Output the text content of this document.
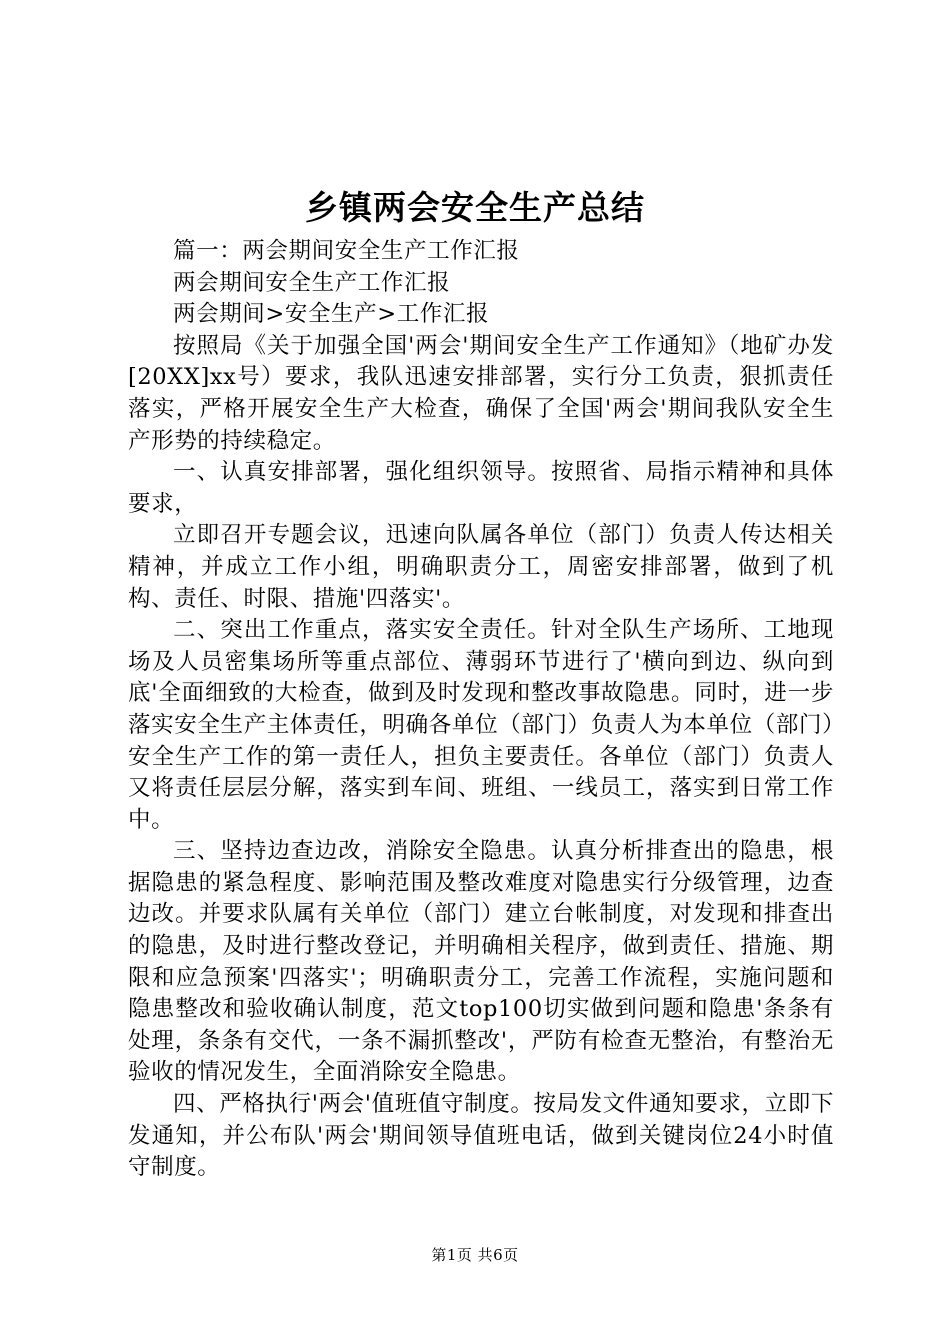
乡镇两会安全生产总结

篇一：两会期间安全生产工作汇报

两会期间安全生产工作汇报

两会期间>安全生产>工作汇报

按照局《关于加强全国'两会'期间安全生产工作通知》（地矿办发[20XX]xx号）要求，我队迅速安排部署，实行分工负责，狠抓责任落实，严格开展安全生产大检查，确保了全国'两会'期间我队安全生产形势的持续稳定。

一、认真安排部署，强化组织领导。按照省、局指示精神和具体要求，

立即召开专题会议，迅速向队属各单位（部门）负责人传达相关精神，并成立工作小组，明确职责分工，周密安排部署，做到了机构、责任、时限、措施'四落实'。

二、突出工作重点，落实安全责任。针对全队生产场所、工地现场及人员密集场所等重点部位、薄弱环节进行了'横向到边、纵向到底'全面细致的大检查，做到及时发现和整改事故隐患。同时，进一步落实安全生产主体责任，明确各单位（部门）负责人为本单位（部门）安全生产工作的第一责任人，担负主要责任。各单位（部门）负责人又将责任层层分解，落实到车间、班组、一线员工，落实到日常工作中。

三、坚持边查边改，消除安全隐患。认真分析排查出的隐患，根据隐患的紧急程度、影响范围及整改难度对隐患实行分级管理，边查边改。并要求队属有关单位（部门）建立台帐制度，对发现和排查出的隐患，及时进行整改登记，并明确相关程序，做到责任、措施、期限和应急预案'四落实'；明确职责分工，完善工作流程，实施问题和隐患整改和验收确认制度，范文top100切实做到问题和隐患'条条有处理，条条有交代，一条不漏抓整改'，严防有检查无整治，有整治无验收的情况发生，全面消除安全隐患。

四、严格执行'两会'值班值守制度。按局发文件通知要求，立即下发通知，并公布队'两会'期间领导值班电话，做到关键岗位24小时值守制度。

第1页 共6页
